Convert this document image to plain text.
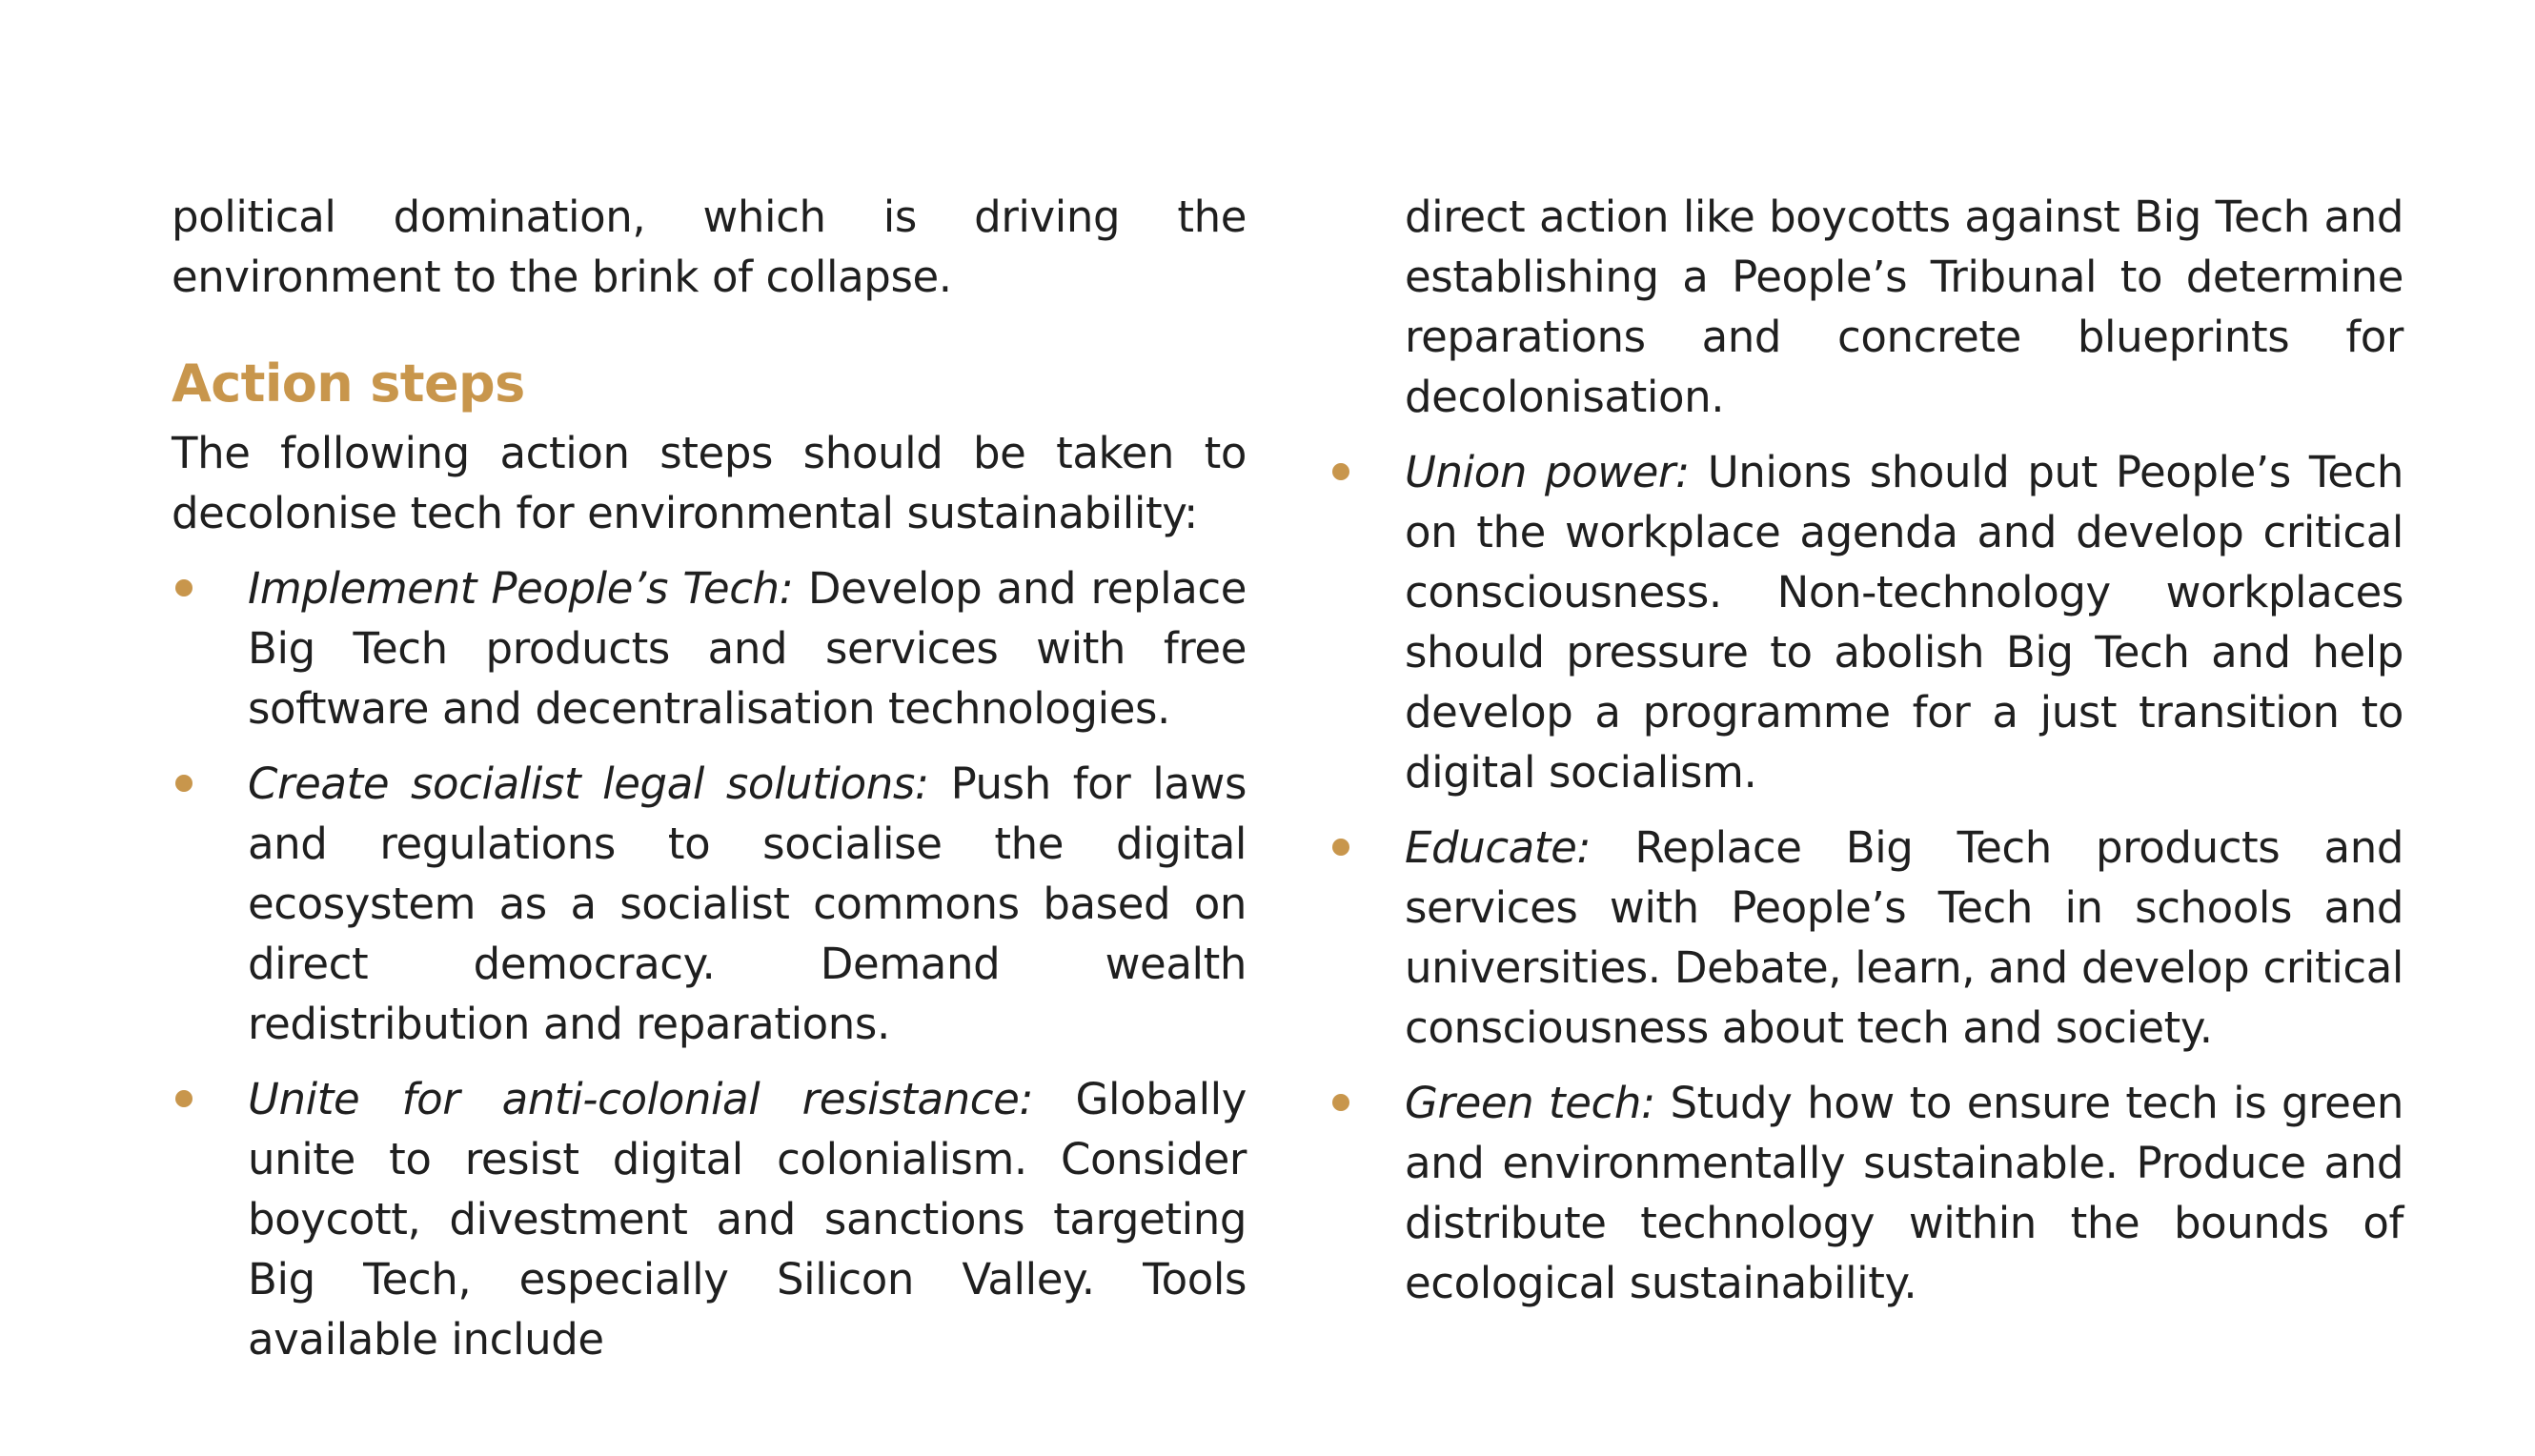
political domination, which is driving the environment to the brink of collapse.

Action steps

The following action steps should be taken to decolonise tech for environmental sustainability:

Implement People’s Tech: Develop and replace Big Tech products and services with free software and decentralisation technologies.
Create socialist legal solutions: Push for laws and regulations to socialise the digital ecosystem as a socialist commons based on direct democracy. Demand wealth redistribution and reparations.
Unite for anti-colonial resistance: Globally unite to resist digital colonialism. Consider boycott, divestment and sanctions targeting Big Tech, especially Silicon Valley. Tools available include

direct action like boycotts against Big Tech and establishing a People’s Tribunal to determine reparations and concrete blueprints for decolonisation.

Union power: Unions should put People’s Tech on the workplace agenda and develop critical consciousness. Non-technology workplaces should pressure to abolish Big Tech and help develop a programme for a just transition to digital socialism.
Educate: Replace Big Tech products and services with People’s Tech in schools and universities. Debate, learn, and develop critical consciousness about tech and society.
Green tech: Study how to ensure tech is green and environmentally sustainable. Produce and distribute technology within the bounds of ecological sustainability.
